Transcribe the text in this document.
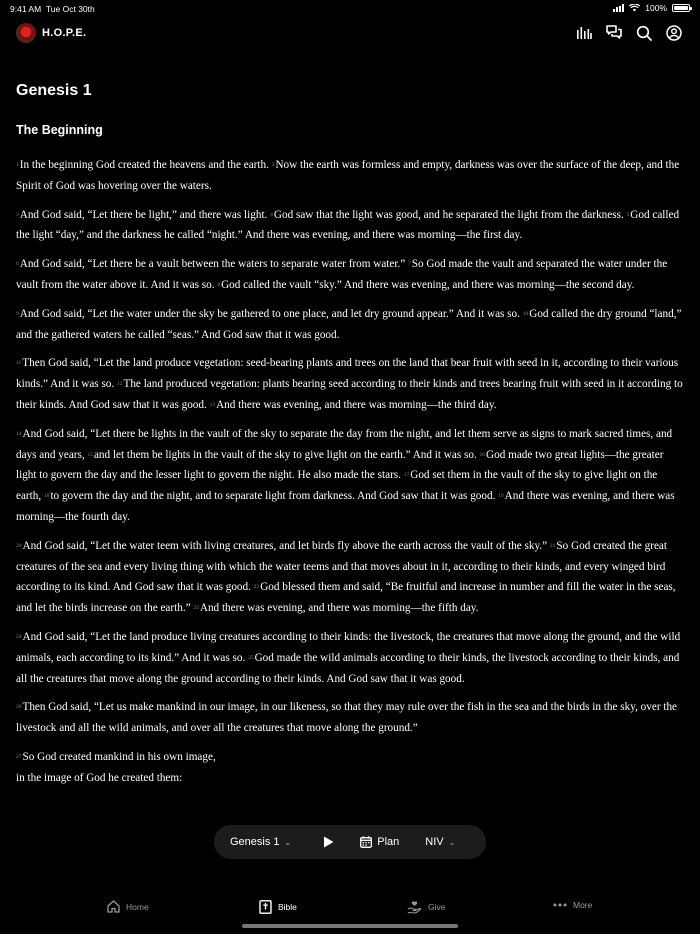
9:41 AM Tue Oct 30th	100%
H.O.P.E.
Genesis 1
The Beginning

1In the beginning God created the heavens and the earth. 2Now the earth was formless and empty, darkness was over the surface of the deep, and the Spirit of God was hovering over the waters.

3And God said, “Let there be light,” and there was light. 4God saw that the light was good, and he separated the light from the darkness. 5God called the light “day,” and the darkness he called “night.” And there was evening, and there was morning—the first day.

6And God said, “Let there be a vault between the waters to separate water from water.” 7So God made the vault and separated the water under the vault from the water above it. And it was so. 8God called the vault “sky.” And there was evening, and there was morning—the second day.

9And God said, “Let the water under the sky be gathered to one place, and let dry ground appear.” And it was so. 10God called the dry ground “land,” and the gathered waters he called “seas.” And God saw that it was good.

11Then God said, “Let the land produce vegetation: seed-bearing plants and trees on the land that bear fruit with seed in it, according to their various kinds.” And it was so. 12The land produced vegetation: plants bearing seed according to their kinds and trees bearing fruit with seed in it according to their kinds. And God saw that it was good. 13And there was evening, and there was morning—the third day.

14And God said, “Let there be lights in the vault of the sky to separate the day from the night, and let them serve as signs to mark sacred times, and days and years, 15and let them be lights in the vault of the sky to give light on the earth.” And it was so. 16God made two great lights—the greater light to govern the day and the lesser light to govern the night. He also made the stars. 17God set them in the vault of the sky to give light on the earth, 18to govern the day and the night, and to separate light from darkness. And God saw that it was good. 19And there was evening, and there was morning—the fourth day.

20And God said, “Let the water teem with living creatures, and let birds fly above the earth across the vault of the sky.” 21So God created the great creatures of the sea and every living thing with which the water teems and that moves about in it, according to their kinds, and every winged bird according to its kind. And God saw that it was good. 22God blessed them and said, “Be fruitful and increase in number and fill the water in the seas, and let the birds increase on the earth.” 23And there was evening, and there was morning—the fifth day.

24And God said, “Let the land produce living creatures according to their kinds: the livestock, the creatures that move along the ground, and the wild animals, each according to its kind.” And it was so. 25God made the wild animals according to their kinds, the livestock according to their kinds, and all the creatures that move along the ground according to their kinds. And God saw that it was good.

26Then God said, “Let us make mankind in our image, in our likeness, so that they may rule over the fish in the sea and the birds in the sky, over the livestock and all the wild animals, and over all the creatures that move along the ground.”

27So God created mankind in his own image,

in the image of God he created them:

Genesis 1 ⌄	Plan NIV ⌄
Home	Bible	Give	More
